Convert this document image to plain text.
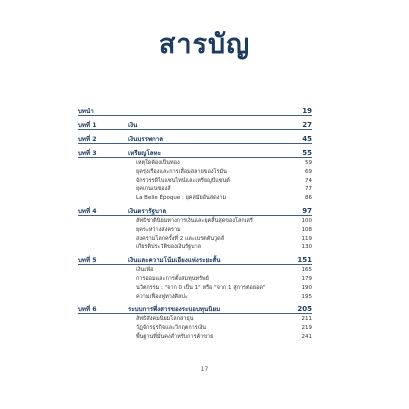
สารบัญ
บทนำ	19
บทที่ 1	เงิน	27
บทที่ 2	เงินบรรพกาล	45
บทที่ 3	เหรียญโลหะ	55
เหตุใดต้องเป็นทอง	59
ยุครุ่งเรืองและการเสื่อมสลายของโรมัน	69
จักรวรรดิไบแซนไทน์และเหรียญบีแซนต์	74
ยุคเกนเนซองส์	77
La Belle Époque : ยุคสมัยอันสดงาม	86
บทที่ 4	เงินตรารัฐบาล	97
ลัทธิชาตินิยมทางการเงินและยุคสิ้นสุดของโลกเสรี	100
ยุคระหว่างสงคราม	108
สงครามโลกครั้งที่ 2 และเบรตตันวูดส์	119
เกียรติประวัติของเงินรัฐบาล	130
บทที่ 5	เงินและความโน้มเอียงแห่งระยะสั้น	151
เงินเฟ้อ	165
การออมและการตั้งสมทุนทรัพย์	179
นวัตกรรม : "จาก 0 เป็น 1" หรือ "จาก 1 สู่การต่อยอด"	190
ความเฟื่องฟูทางศิลปะ	195
บทที่ 6	ระบบการพึ่งสารของระบอบทุนนิยม	205
ลัทธิสังคมนิยมโลกสาธุน	211
วัฏจักรธุรกิจและวิกฤตการเงิน	219
พื้นฐานที่มั่นคงสำหรับการค้าขาย	241
17
